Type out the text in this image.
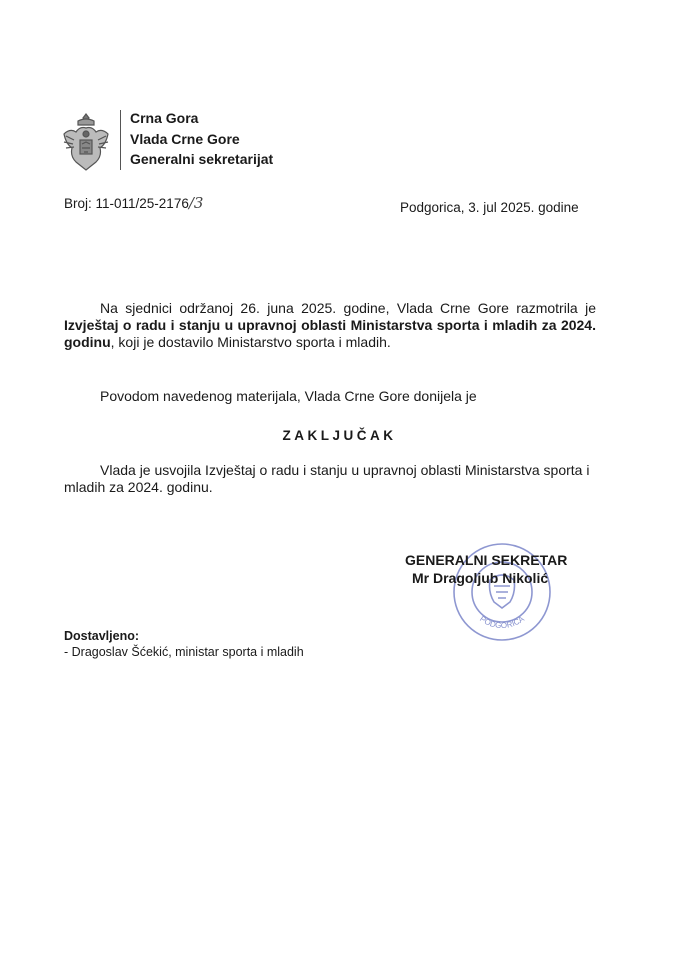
Crna Gora
Vlada Crne Gore
Generalni sekretarijat
Broj: 11-011/25-2176/3	Podgorica, 3. jul 2025. godine
Na sjednici održanoj 26. juna 2025. godine, Vlada Crne Gore razmotrila je Izvještaj o radu i stanju u upravnoj oblasti Ministarstva sporta i mladih za 2024. godinu, koji je dostavilo Ministarstvo sporta i mladih.
Povodom navedenog materijala, Vlada Crne Gore donijela je
ZAKLJUČAK
Vlada je usvojila Izvještaj o radu i stanju u upravnoj oblasti Ministarstva sporta i mladih za 2024. godinu.
PODGORICA
GENERALNI SEKRETAR
Mr Dragoljub Nikolić
Dostavljeno:
- Dragoslav Šćekić, ministar sporta i mladih
